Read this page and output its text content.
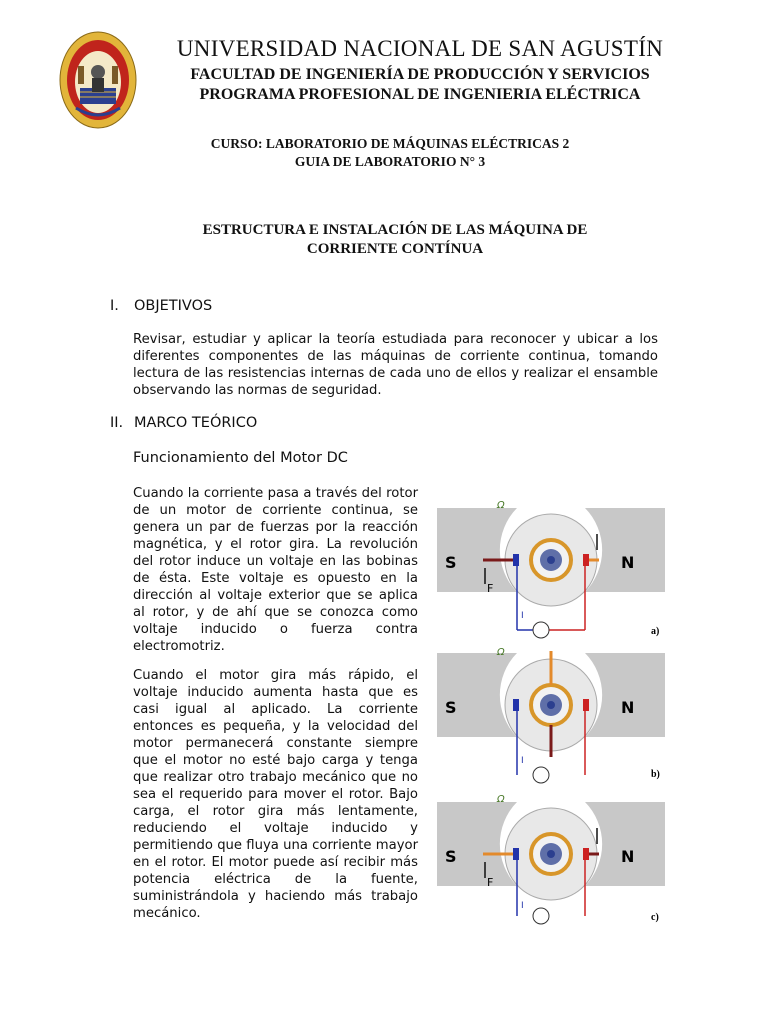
UNIVERSIDAD NACIONAL DE SAN AGUSTÍN
FACULTAD DE INGENIERÍA DE PRODUCCIÓN Y SERVICIOS
PROGRAMA PROFESIONAL DE INGENIERIA ELÉCTRICA
CURSO: LABORATORIO DE MÁQUINAS ELÉCTRICAS 2
GUIA DE LABORATORIO N° 3
ESTRUCTURA E INSTALACIÓN DE LAS MÁQUINA DE
CORRIENTE CONTÍNUA
I. OBJETIVOS
Revisar, estudiar y aplicar la teoría estudiada para reconocer y ubicar a los diferentes componentes de las máquinas de corriente continua, tomando lectura de las resistencias internas de cada uno de ellos y realizar el ensamble observando las normas de seguridad.
II. MARCO TEÓRICO
Funcionamiento del Motor DC
Cuando la corriente pasa a través del rotor de un motor de corriente continua, se genera un par de fuerzas por la reacción magnética, y el rotor gira. La revolución del rotor induce un voltaje en las bobinas de ésta. Este voltaje es opuesto en la dirección al voltaje exterior que se aplica al rotor, y de ahí que se conozca como voltaje inducido o fuerza contra electromotriz.
Cuando el motor gira más rápido, el voltaje inducido aumenta hasta que es casi igual al aplicado. La corriente entonces es pequeña, y la velocidad del motor permanecerá constante siempre que el motor no esté bajo carga y tenga que realizar otro trabajo mecánico que no sea el requerido para mover el rotor. Bajo carga, el rotor gira más lentamente, reduciendo el voltaje inducido y permitiendo que fluya una corriente mayor en el rotor. El motor puede así recibir más potencia eléctrica de la fuente, suministrándola y haciendo más trabajo mecánico.
S	N
Ω
F
I
a)
S	N
Ω
I
b)
S	N
Ω
F
I
c)
